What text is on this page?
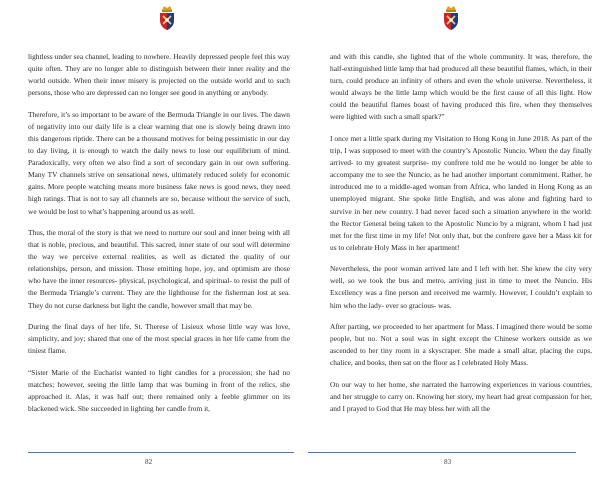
lightless under sea channel, leading to nowhere. Heavily depressed people feel this way quite often. They are no longer able to distinguish between their inner reality and the world outside. When their inner misery is projected on the outside world and to such persons, those who are depressed can no longer see good in anything or anybody.

Therefore, it’s so important to be aware of the Bermuda Triangle in our lives. The dawn of negativity into our daily life is a clear warning that one is slowly being drawn into this dangerous riptide. There can be a thousand motives for being pessimistic in our day to day living, it is enough to watch the daily news to lose our equilibrium of mind. Paradoxically, very often we also find a sort of secondary gain in our own suffering. Many TV channels strive on sensational news, ultimately reduced solely for economic gains. More people watching means more business fake news is good news, they need high ratings. That is not to say all channels are so, because without the service of such, we would be lost to what’s happening around us as well.

Thus, the moral of the story is that we need to nurture our soul and inner being with all that is noble, precious, and beautiful. This sacred, inner state of our soul will determine the way we perceive external realities, as well as dictated the quality of our relationships, person, and mission. Those emitting hope, joy, and optimism are those who have the inner resources- physical, psychological, and spiritual- to resist the pull of the Bermuda Triangle’s current. They are the lighthouse for the fisherman lost at sea. They do not curse darkness but light the candle, however small that may be.

During the final days of her life, St. Therese of Lisieux whose little way was love, simplicity, and joy; shared that one of the most special graces in her life came from the tiniest flame.

“Sister Marie of the Eucharist wanted to light candles for a procession; she had no matches; however, seeing the little lamp that was burning in front of the relics, she approached it. Alas, it was half out; there remained only a feeble glimmer on its blackened wick. She succeeded in lighting her candle from it,

82

and with this candle, she lighted that of the whole community. It was, therefore, the half-extinguished little lamp that had produced all these beautiful flames, which, in their turn, could produce an infinity of others and even the whole universe. Nevertheless, it would always be the little lamp which would be the first cause of all this light. How could the beautiful flames boast of having produced this fire, when they themselves were lighted with such a small spark?”

I once met a little spark during my Visitation to Hong Kong in June 2018. As part of the trip, I was supposed to meet with the country’s Apostolic Nuncio. When the day finally arrived- to my greatest surprise- my confrere told me he would no longer be able to accompany me to see the Nuncio, as he had another important commitment. Rather, he introduced me to a middle-aged woman from Africa, who landed in Hong Kong as an unemployed migrant. She spoke little English, and was alone and fighting hard to survive in her new country. I had never faced such a situation anywhere in the world: the Rector General being taken to the Apostolic Nuncio by a migrant, whom I had just met for the first time in my life! Not only that, but the confrere gave her a Mass kit for us to celebrate Holy Mass in her apartment!

Nevertheless, the poor woman arrived late and I left with her. She knew the city very well, so we took the bus and metro, arriving just in time to meet the Nuncio. His Excellency was a fine person and received me warmly. However, I couldn’t explain to him who the lady- ever so gracious- was.

After parting, we proceeded to her apartment for Mass. I imagined there would be some people, but no. Not a soul was in sight except the Chinese workers outside as we ascended to her tiny room in a skyscraper. She made a small altar, placing the cups, chalice, and books, then sat on the floor as I celebrated Holy Mass.

On our way to her home, she narrated the harrowing experiences in various countries, and her struggle to carry on. Knowing her story, my heart had great compassion for her, and I prayed to God that He may bless her with all the

83
